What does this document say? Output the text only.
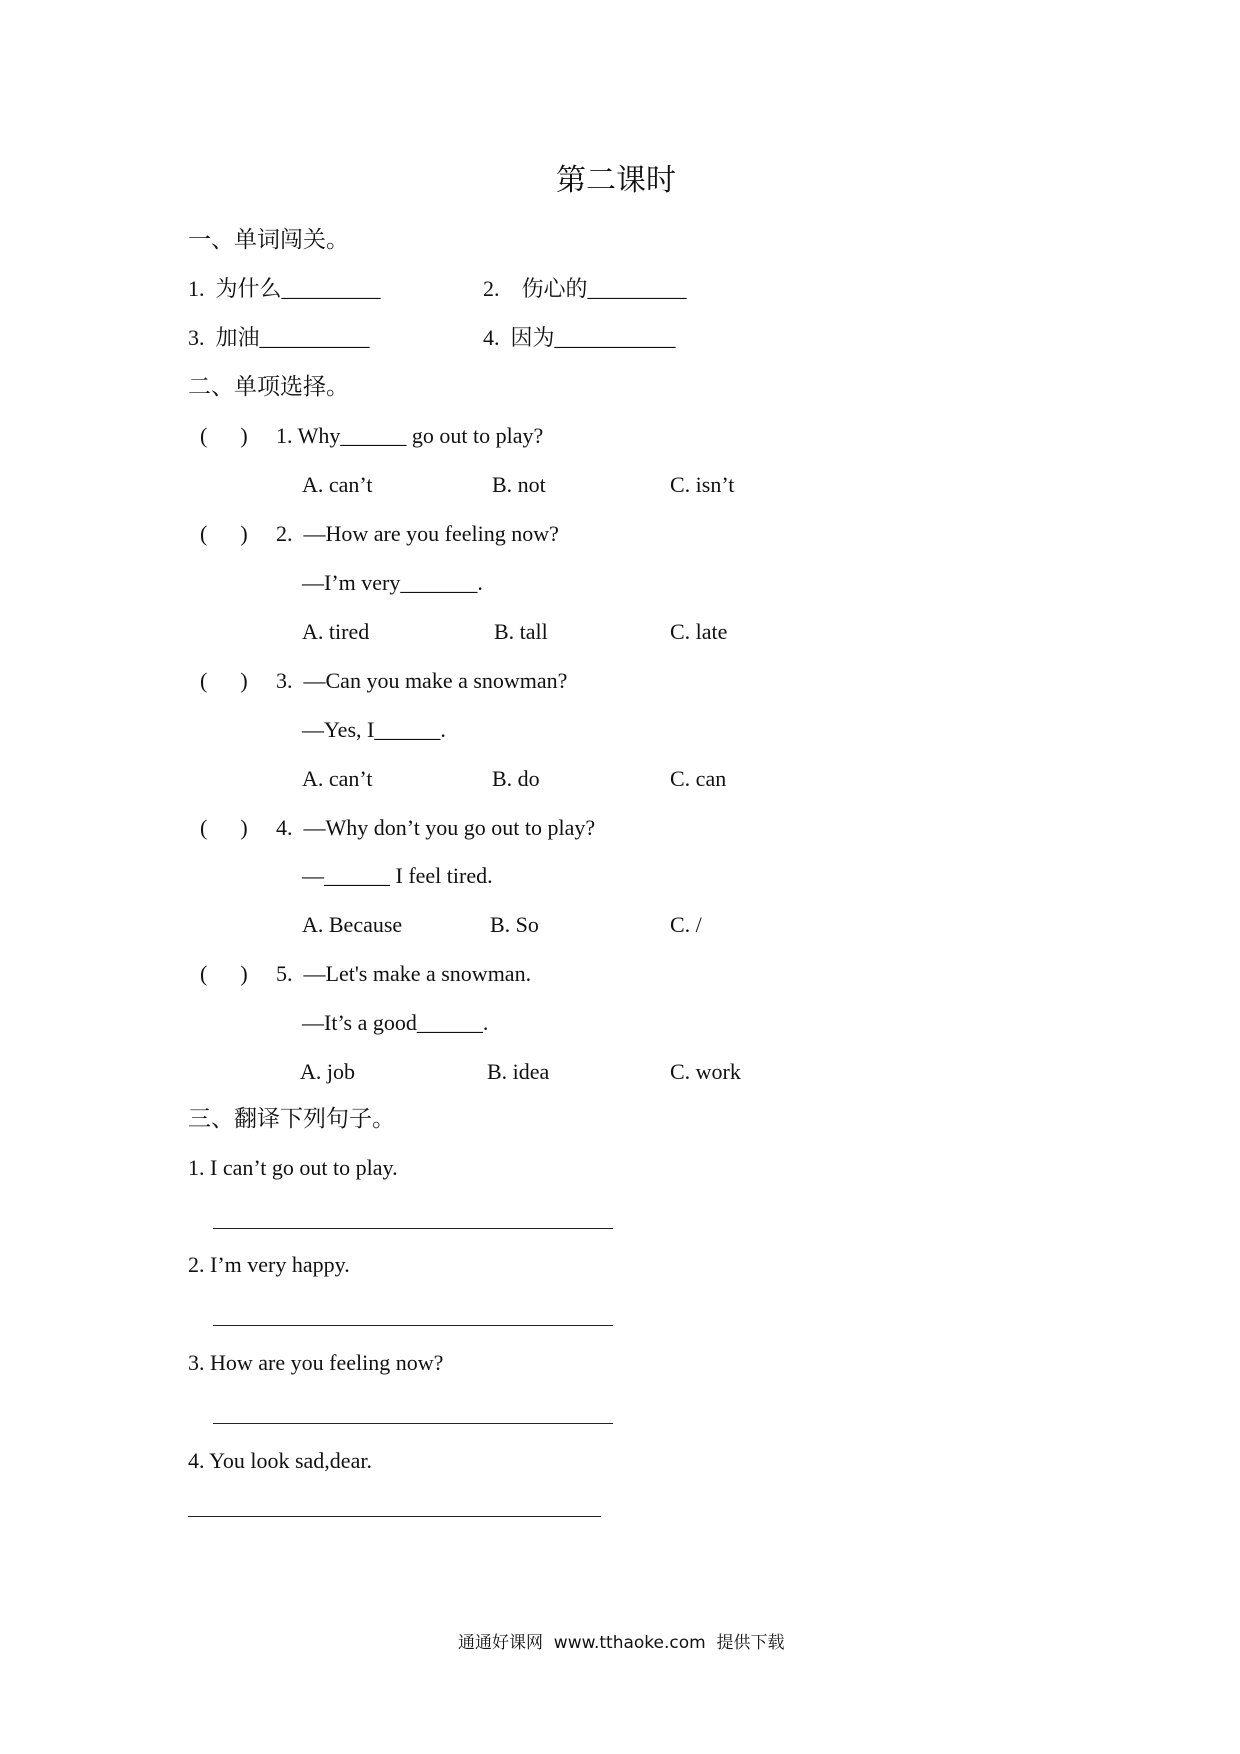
第二课时
一、单词闯关。
1.  为什么_________	2.    伤心的_________
3.  加油__________	4.  因为___________
二、单项选择。
(      ) 1. Why______ go out to play?
A. can’t	B. not	C. isn’t
(      ) 2.  —How are you feeling now?
—I’m very_______.
A. tired	B. tall	C. late
(      ) 3.  —Can you make a snowman?
—Yes, I______.
A. can’t	B. do	C. can
(      ) 4.  —Why don’t you go out to play?
—______ I feel tired.
A. Because	B. So	C. /
(      ) 5.  —Let's make a snowman.
—It’s a good______.
A. job	B. idea	C. work
三、翻译下列句子。
1. I can’t go out to play.
2. I’m very happy.
3. How are you feeling now?
4. You look sad,dear.
通通好课网  www.tthaoke.com  提供下载
